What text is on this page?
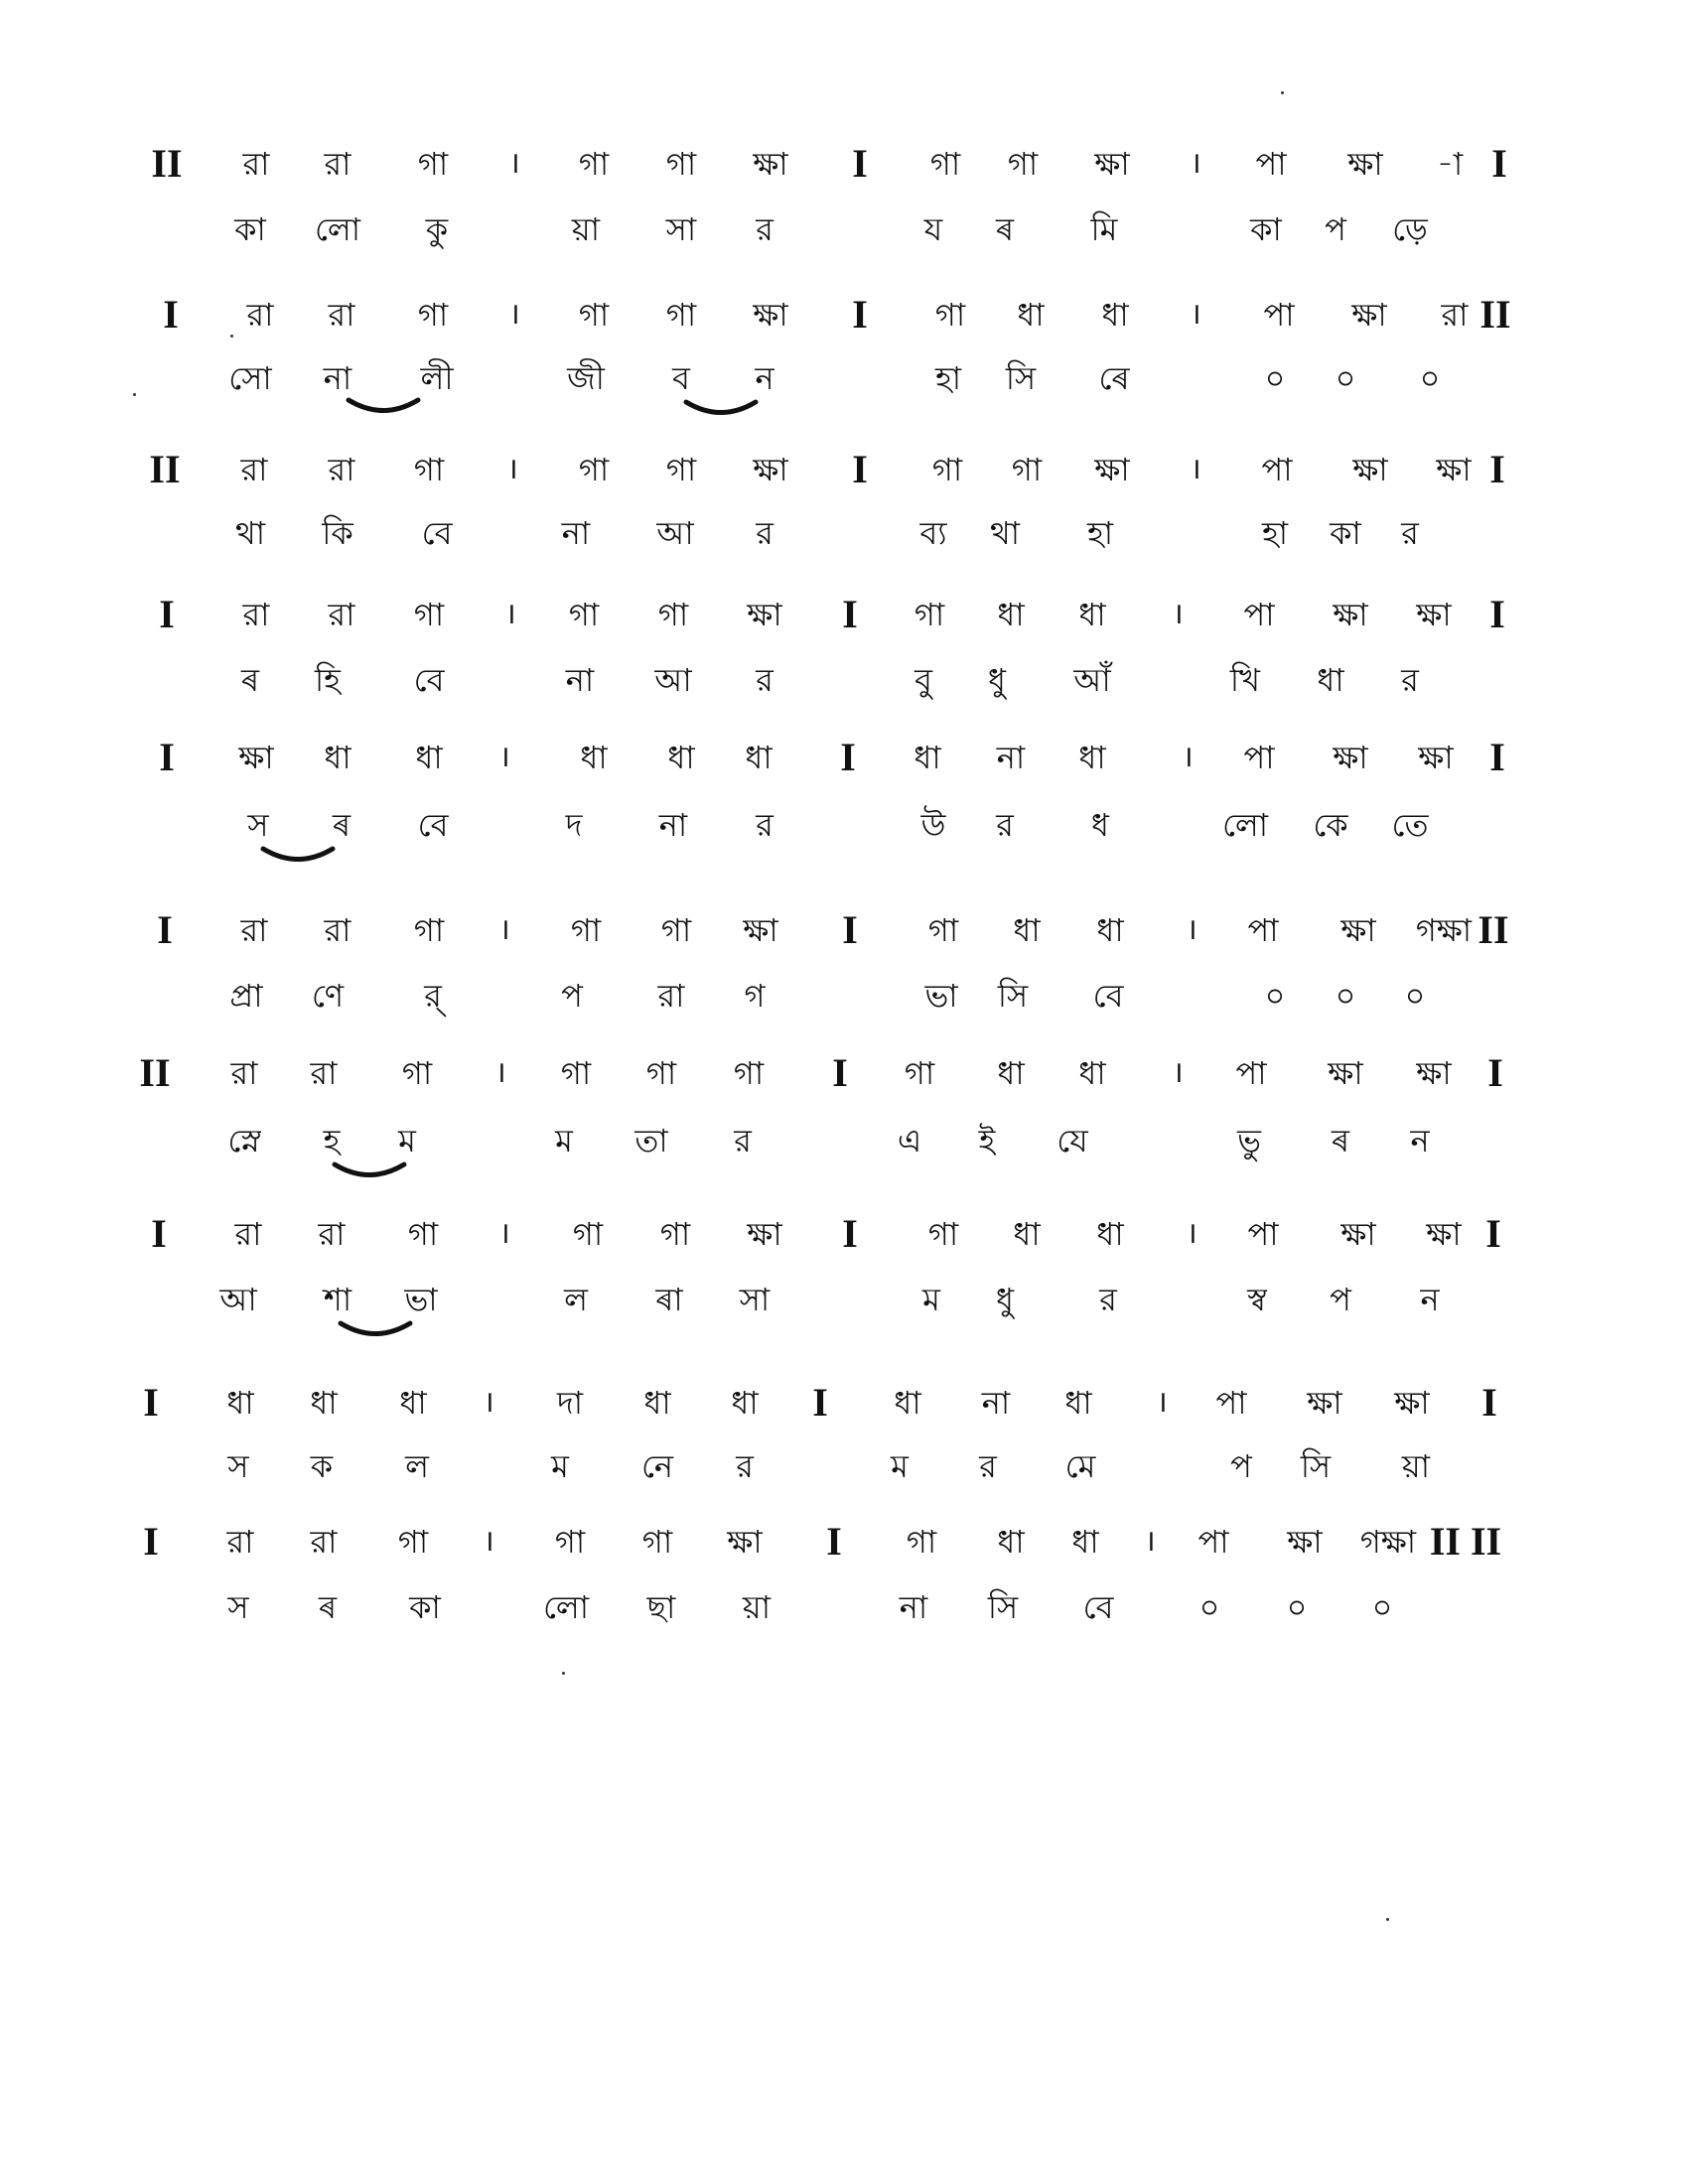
II	রা	রা	গা	।	গা	গা	ক্ষা	I	গা	গা	ক্ষা	।	পা	ক্ষা	-া I
কা	লো	কু	য়া	সা	র	য	ৰ	মি	কা	প	ড়ে
I	রা	রা	গা	।	গা	গা	ক্ষা	I	গা	ধা	ধা	।	পা	ক্ষা	রা II
সো	না	লী	জী	ব	ন	হা	সি	ৰে	০	০	০
II	রা	রা	গা	।	গা	গা	ক্ষা	I	গা	গা	ক্ষা	।	পা	ক্ষা	ক্ষা I
থা	কি	বে	না	আ	র	ব্য	থা	হা	হা	কা	র
I	রা	রা	গা	।	গা	গা	ক্ষা	I	গা	ধা	ধা	।	পা	ক্ষা	ক্ষা I
ৰ	হি	বে	না	আ	র	বু	ধু	আঁ	খি	ধা	র
I	ক্ষা	ধা	ধা	।	ধা	ধা	ধা	I	ধা	না	ধা	।	পা	ক্ষা	ক্ষা I
স	ৰ	বে	দ	না	র	উ	র	ধ	লো	কে	তে
I	রা	রা	গা	।	গা	গা	ক্ষা	I	গা	ধা	ধা	।	পা	ক্ষা	গক্ষা II
প্রা	ণে	র্	প	রা	গ	ভা	সি	বে	০	০	০
II	রা	রা	গা	।	গা	গা	গা	I	গা	ধা	ধা	।	পা	ক্ষা	ক্ষা I
স্নে	হ	ম	ম	তা	র	এ	ই	যে	ভু	ৰ	ন
I	রা	রা	গা	।	গা	গা	ক্ষা	I	গা	ধা	ধা	।	পা	ক্ষা	ক্ষা I
আ	শা	ভা	ল	ৰা	সা	ম	ধু	র	স্ব	প	ন
I	ধা	ধা	ধা	।	দা	ধা	ধা	I	ধা	না	ধা	।	পা	ক্ষা	ক্ষা	I
স	ক	ল	ম	নে	র	ম	র	মে	প	সি	য়া
I	রা	রা	গা	।	গা	গা	ক্ষা	I	গা	ধা	ধা	।	পা	ক্ষা	গক্ষা II II
স	ৰ	কা	লো	ছা	য়া	না	সি	বে	০	০	০
